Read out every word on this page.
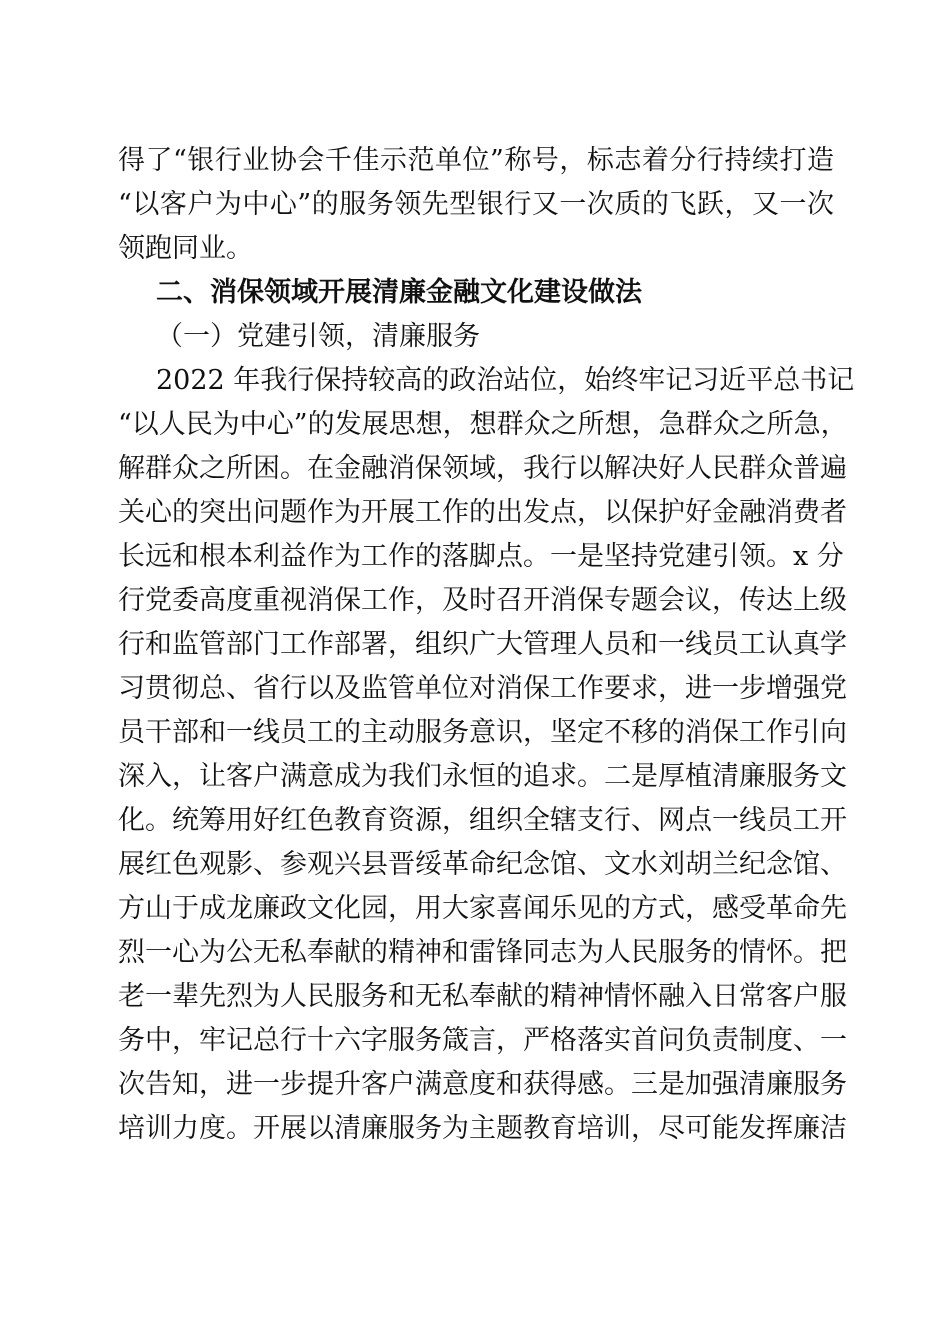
得了“银行业协会千佳示范单位”称号，标志着分行持续打造
“以客户为中心”的服务领先型银行又一次质的飞跃，又一次
领跑同业。
二、消保领域开展清廉金融文化建设做法
（一）党建引领，清廉服务
2022 年我行保持较高的政治站位，始终牢记习近平总书记
“以人民为中心”的发展思想，想群众之所想，急群众之所急，
解群众之所困。在金融消保领域，我行以解决好人民群众普遍
关心的突出问题作为开展工作的出发点，以保护好金融消费者
长远和根本利益作为工作的落脚点。一是坚持党建引领。x 分
行党委高度重视消保工作，及时召开消保专题会议，传达上级
行和监管部门工作部署，组织广大管理人员和一线员工认真学
习贯彻总、省行以及监管单位对消保工作要求，进一步增强党
员干部和一线员工的主动服务意识，坚定不移的消保工作引向
深入，让客户满意成为我们永恒的追求。二是厚植清廉服务文
化。统筹用好红色教育资源，组织全辖支行、网点一线员工开
展红色观影、参观兴县晋绥革命纪念馆、文水刘胡兰纪念馆、
方山于成龙廉政文化园，用大家喜闻乐见的方式，感受革命先
烈一心为公无私奉献的精神和雷锋同志为人民服务的情怀。把
老一辈先烈为人民服务和无私奉献的精神情怀融入日常客户服
务中，牢记总行十六字服务箴言，严格落实首问负责制度、一
次告知，进一步提升客户满意度和获得感。三是加强清廉服务
培训力度。开展以清廉服务为主题教育培训，尽可能发挥廉洁
